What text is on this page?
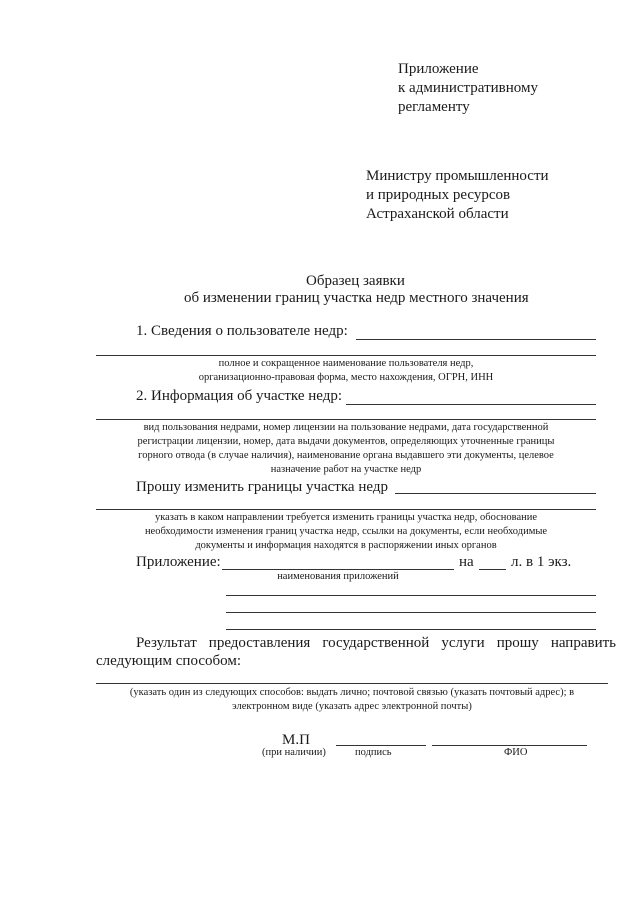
Приложение
к административному
регламенту
Министру промышленности
и природных ресурсов
Астраханской области
Образец заявки
об изменении границ участка недр местного значения
1. Сведения о пользователе недр:
полное и сокращенное наименование пользователя недр,
организационно-правовая форма, место нахождения, ОГРН, ИНН
2. Информация об участке недр:
вид пользования недрами, номер лицензии на пользование недрами, дата государственной
регистрации лицензии, номер, дата выдачи документов, определяющих уточненные границы
горного отвода (в случае наличия), наименование органа выдавшего эти документы, целевое
назначение работ на участке недр
Прошу изменить границы участка недр
указать в каком направлении требуется изменить границы участка недр, обоснование
необходимости изменения границ участка недр, ссылки на документы, если необходимые
документы и информация находятся в распоряжении иных органов
Приложение:	на л. в 1 экз.
наименования приложений
Результат предоставления государственной услуги прошу направить
следующим способом:
(указать один из следующих способов: выдать лично; почтовой связью (указать почтовый адрес); в
электронном виде (указать адрес электронной почты)
М.П
(при наличии)	подпись	ФИО
